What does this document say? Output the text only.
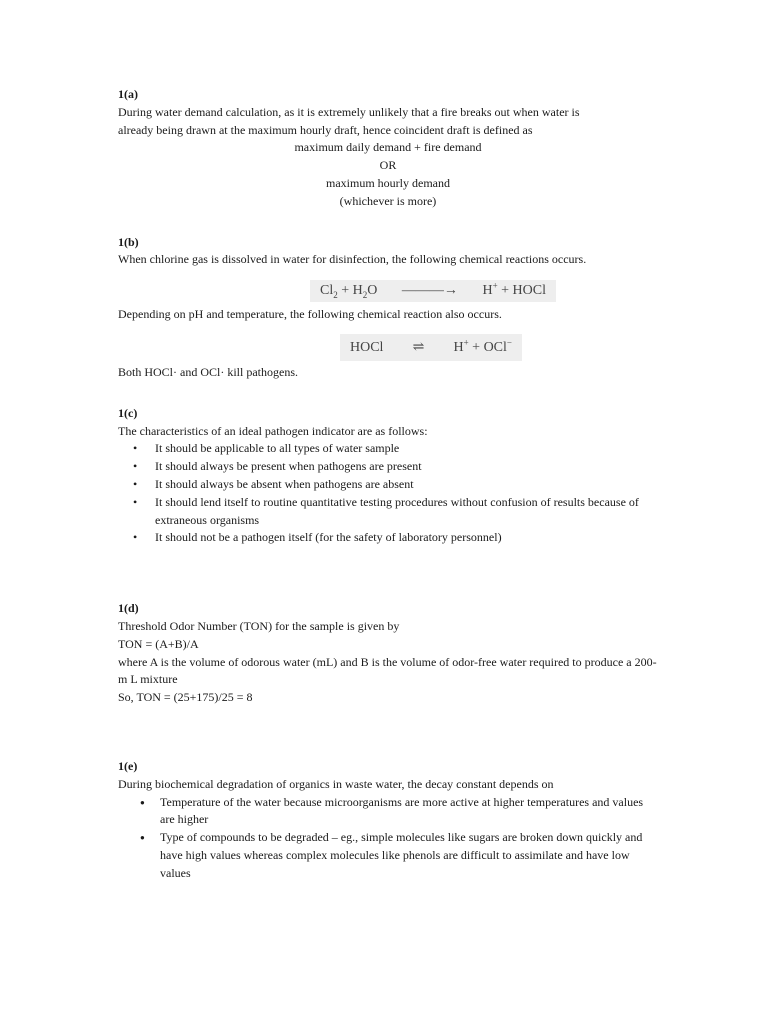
1(a)

During water demand calculation, as it is extremely unlikely that a fire breaks out when water is

already being drawn at the maximum hourly draft, hence coincident draft is defined as

maximum daily demand + fire demand

OR

maximum hourly demand

(whichever is more)

1(b)

When chlorine gas is dissolved in water for disinfection, the following chemical reactions occurs.

$Cl_2 + H_2O$ ———→ H+ + HOCl

Depending on pH and temperature, the following chemical reaction also occurs.

HOCl ⇌ H+ + OCl−

Both HOCl· and OCl· kill pathogens.

1(c)

The characteristics of an ideal pathogen indicator are as follows:

• It should be applicable to all types of water sample
• It should always be present when pathogens are present
• It should always be absent when pathogens are absent
• It should lend itself to routine quantitative testing procedures without confusion of results because of extraneous organisms
• It should not be a pathogen itself (for the safety of laboratory personnel)

1(d)

Threshold Odor Number (TON) for the sample is given by

TON = (A+B)/A

where A is the volume of odorous water (mL) and B is the volume of odor-free water required to produce a 200-m L mixture

So, TON = (25+175)/25 = 8

1(e)

During biochemical degradation of organics in waste water, the decay constant depends on

● Temperature of the water because microorganisms are more active at higher temperatures and values are higher
● Type of compounds to be degraded – eg., simple molecules like sugars are broken down quickly and have high values whereas complex molecules like phenols are difficult to assimilate and have low values
